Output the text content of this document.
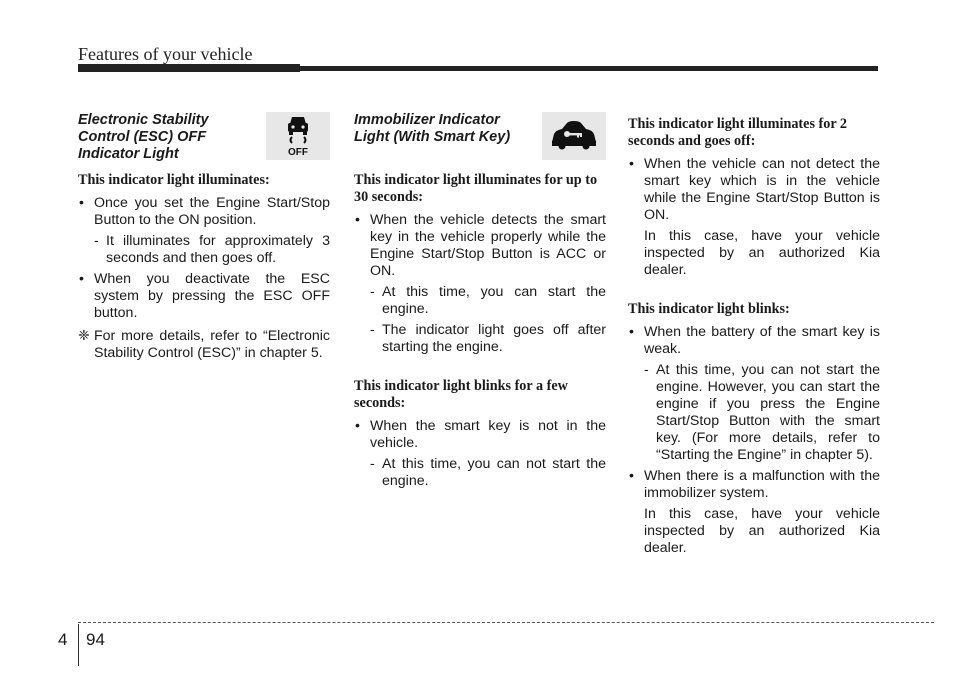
Features of your vehicle
Electronic Stability
Control (ESC) OFF
Indicator Light	OFF
This indicator light illuminates:
• Once you set the Engine Start/Stop Button to the ON position.
- It illuminates for approximately 3 seconds and then goes off.
• When you deactivate the ESC system by pressing the ESC OFF button.
❈ For more details, refer to “Electronic Stability Control (ESC)” in chapter 5.
Immobilizer Indicator
Light (With Smart Key)
This indicator light illuminates for up to 30 seconds:
• When the vehicle detects the smart key in the vehicle properly while the Engine Start/Stop Button is ACC or ON.
- At this time, you can start the engine.
- The indicator light goes off after starting the engine.
This indicator light blinks for a few seconds:
• When the smart key is not in the vehicle.
- At this time, you can not start the engine.
This indicator light illuminates for 2 seconds and goes off:
• When the vehicle can not detect the smart key which is in the vehicle while the Engine Start/Stop Button is ON.
In this case, have your vehicle inspected by an authorized Kia dealer.
This indicator light blinks:
• When the battery of the smart key is weak.
- At this time, you can not start the engine. However, you can start the engine if you press the Engine Start/Stop Button with the smart key. (For more details, refer to “Starting the Engine” in chapter 5).
• When there is a malfunction with the immobilizer system.
In this case, have your vehicle inspected by an authorized Kia dealer.
4 94
